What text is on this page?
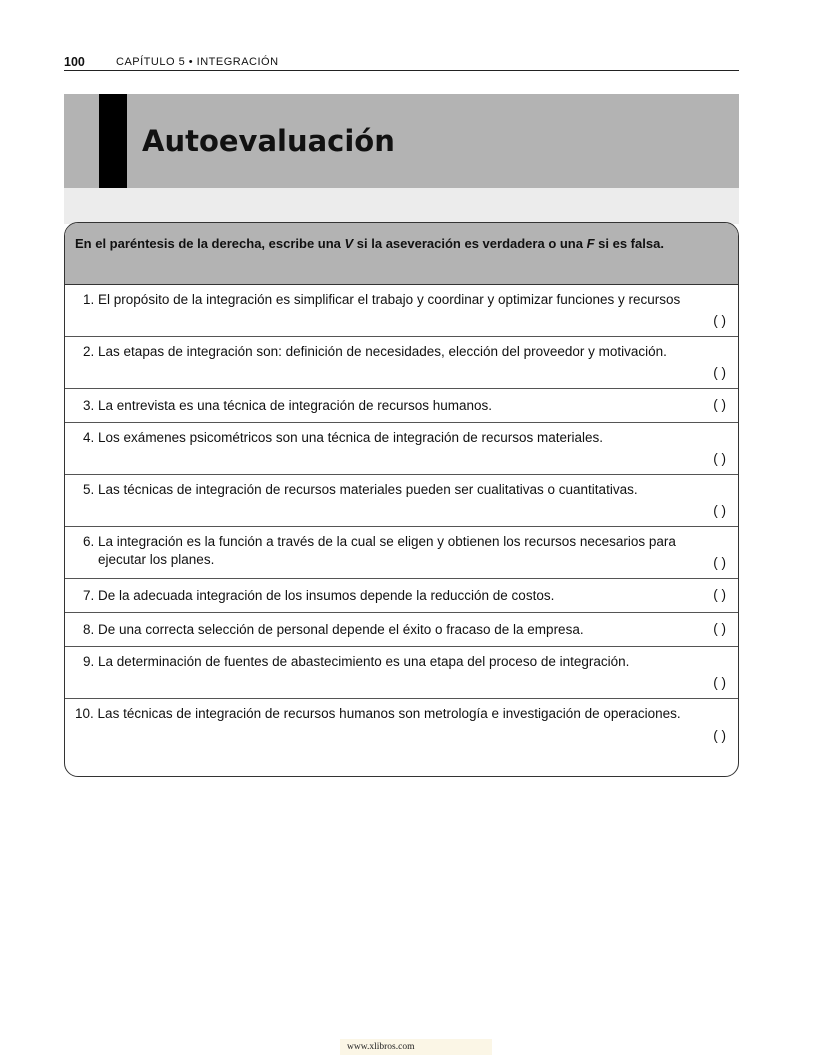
100	CAPÍTULO 5 • INTEGRACIÓN
Autoevaluación
En el paréntesis de la derecha, escribe una V si la aseveración es verdadera o una F si es falsa.
1. El propósito de la integración es simplificar el trabajo y coordinar y optimizar funciones y recursos
( )
2. Las etapas de integración son: definición de necesidades, elección del proveedor y motivación.
( )
3. La entrevista es una técnica de integración de recursos humanos.	( )
4. Los exámenes psicométricos son una técnica de integración de recursos materiales.
( )
5. Las técnicas de integración de recursos materiales pueden ser cualitativas o cuantitativas.
( )
6. La integración es la función a través de la cual se eligen y obtienen los recursos necesarios para ejecutar los planes.	( )
7. De la adecuada integración de los insumos depende la reducción de costos.	( )
8. De una correcta selección de personal depende el éxito o fracaso de la empresa.	( )
9. La determinación de fuentes de abastecimiento es una etapa del proceso de integración.
( )
10. Las técnicas de integración de recursos humanos son metrología e investigación de operaciones.
( )
www.xlibros.com
